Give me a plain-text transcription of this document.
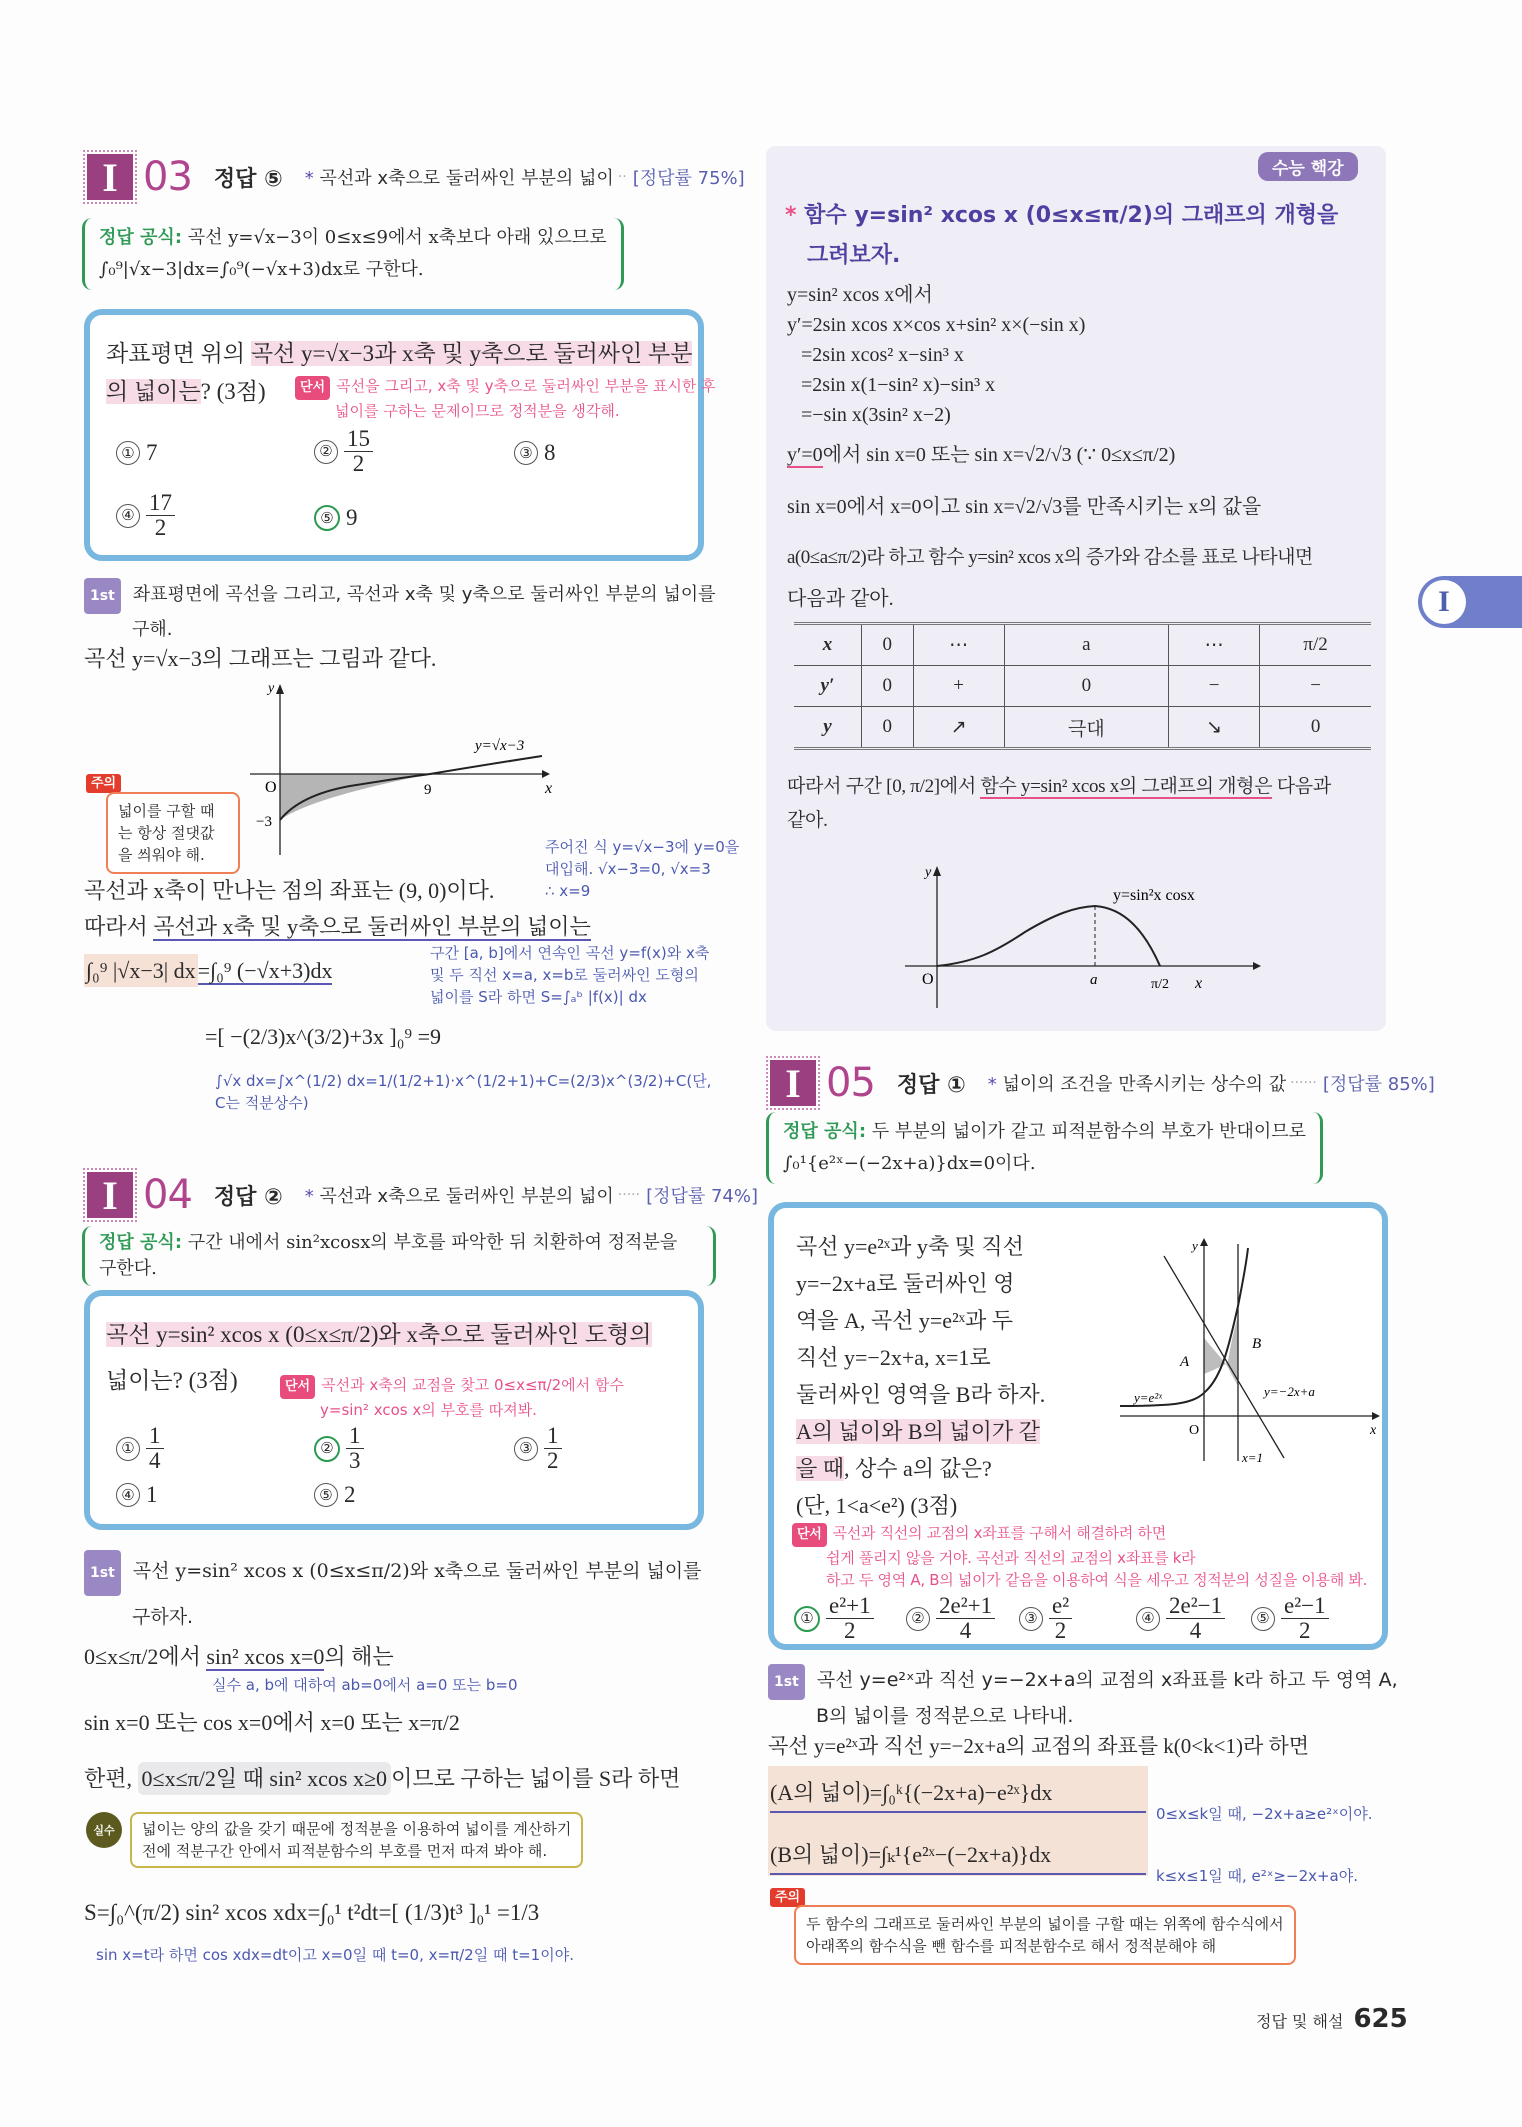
I 03 정답 ⑤ * 곡선과 x축으로 둘러싸인 부분의 넓이 ·· [정답률 75%]
정답 공식: 곡선 y=√x−3이 0≤x≤9에서 x축보다 아래 있으므로
∫₀⁹|√x−3|dx=∫₀⁹(−√x+3)dx로 구한다.
좌표평면 위의 곡선 y=√x−3과 x축 및 y축으로 둘러싸인 부분
의 넓이는? (3점)	단서 곡선을 그리고, x축 및 y축으로 둘러싸인 부분을 표시한 후
넓이를 구하는 문제이므로 정적분을 생각해.
① 7	② $\frac{15}{2}$	③ 8
④ $\frac{17}{2}$	⑤ 9
1st 좌표평면에 곡선을 그리고, 곡선과 x축 및 y축으로 둘러싸인 부분의 넓이를
구해.
곡선 y=√x−3의 그래프는 그림과 같다.
y
x
O	9
−3
y=√x−3
주의
넓이를 구할 때는 항상 절댓값을 씌워야 해.
곡선과 x축이 만나는 점의 좌표는 (9, 0)이다.
주어진 식 y=√x−3에 y=0을
대입해. √x−3=0, √x=3
∴ x=9
따라서 곡선과 x축 및 y축으로 둘러싸인 부분의 넓이는
∫₀⁹ |√x−3| dx=∫₀⁹ (−√x+3)dx
구간 [a, b]에서 연속인 곡선 y=f(x)와 x축
및 두 직선 x=a, x=b로 둘러싸인 도형의
넓이를 S라 하면 S=∫ₐᵇ |f(x)| dx
=[ −(2/3)x^(3/2)+3x ]₀⁹ =9
∫√x dx=∫x^(1/2) dx=1/(1/2+1)·x^(1/2+1)+C=(2/3)x^(3/2)+C(단, C는 적분상수)
I 04 정답 ② * 곡선과 x축으로 둘러싸인 부분의 넓이 ····· [정답률 74%]
정답 공식: 구간 내에서 sin²xcosx의 부호를 파악한 뒤 치환하여 정적분을 구한다.
곡선 y=sin² xcos x (0≤x≤π/2)와 x축으로 둘러싸인 도형의
넓이는? (3점)	단서 곡선과 x축의 교점을 찾고 0≤x≤π/2에서 함수
y=sin² xcos x의 부호를 따져봐.
① $\frac{1}{4}$	② $\frac{1}{3}$	③ $\frac{1}{2}$
④ 1	⑤ 2
1st 곡선 y=sin² xcos x (0≤x≤π/2)와 x축으로 둘러싸인 부분의 넓이를
구하자.
0≤x≤π/2에서 sin² xcos x=0의 해는
실수 a, b에 대하여 ab=0에서 a=0 또는 b=0
sin x=0 또는 cos x=0에서 x=0 또는 x=π/2
한편, 0≤x≤π/2일 때 sin² xcos x≥0 이므로 구하는 넓이를 S라 하면
실수	넓이는 양의 값을 갖기 때문에 정적분을 이용하여 넓이를 계산하기
전에 적분구간 안에서 피적분함수의 부호를 먼저 따져 봐야 해.
S=∫₀^(π/2) sin² xcos xdx=∫₀¹ t²dt=[ (1/3)t³ ]₀¹ =1/3
sin x=t라 하면 cos xdx=dt이고 x=0일 때 t=0, x=π/2일 때 t=1이야.
수능 핵강
* 함수 y=sin² xcos x (0≤x≤π/2)의 그래프의 개형을
그려보자.
y=sin² xcos x에서
y′=2sin xcos x×cos x+sin² x×(−sin x)
=2sin xcos² x−sin³ x
=2sin x(1−sin² x)−sin³ x
=−sin x(3sin² x−2)
y′=0에서 sin x=0 또는 sin x=√2/√3 (∵ 0≤x≤π/2)
sin x=0에서 x=0이고 sin x=√2/√3를 만족시키는 x의 값을
a(0≤a≤π/2)라 하고 함수 y=sin² xcos x의 증가와 감소를 표로 나타내면
다음과 같아.
x	0	⋯	a	⋯	π/2
y′	0	+	0	−	−
y	0	↗	극대	↘	0
따라서 구간 [0, π/2]에서 함수 y=sin² xcos x의 그래프의 개형은 다음과
같아.
y
O	a	π/2 x
y=sin²x cosx
I 05 정답 ① * 넓이의 조건을 만족시키는 상수의 값 ······ [정답률 85%]
정답 공식: 두 부분의 넓이가 같고 피적분함수의 부호가 반대이므로
∫₀¹{e²ˣ−(−2x+a)}dx=0이다.
곡선 y=e²ˣ과 y축 및 직선
y=−2x+a로 둘러싸인 영
역을 A, 곡선 y=e²ˣ과 두
직선 y=−2x+a, x=1로
둘러싸인 영역을 B라 하자.
A의 넓이와 B의 넓이가 같
을 때, 상수 a의 값은?
(단, 1<a<e²) (3점)
y
x
O
A
B
y=e²ˣ	y=−2x+a
x=1
단서 곡선과 직선의 교점의 x좌표를 구해서 해결하려 하면
쉽게 풀리지 않을 거야. 곡선과 직선의 교점의 x좌표를 k라
하고 두 영역 A, B의 넓이가 같음을 이용하여 식을 세우고 정적분의 성질을 이용해 봐.
① $\frac{\text{e²+1}}{2}$	② $\frac{\text{2e²+1}}{4}$	③ $\frac{\text{e²}}{2}$	④ $\frac{\text{2e²−1}}{4}$	⑤ $\frac{\text{e²−1}}{2}$
1st 곡선 y=e²ˣ과 직선 y=−2x+a의 교점의 x좌표를 k라 하고 두 영역 A,
B의 넓이를 정적분으로 나타내.
곡선 y=e²ˣ과 직선 y=−2x+a의 교점의 좌표를 k(0<k<1)라 하면
(A의 넓이)=∫₀ᵏ{(−2x+a)−e²ˣ}dx
0≤x≤k일 때, −2x+a≥e²ˣ이야.
(B의 넓이)=∫ₖ¹{e²ˣ−(−2x+a)}dx
k≤x≤1일 때, e²ˣ≥−2x+a야.
주의
두 함수의 그래프로 둘러싸인 부분의 넓이를 구할 때는 위쪽에 함수식에서
아래쪽의 함수식을 뺀 함수를 피적분함수로 해서 정적분해야 해
정답 및 해설 625
I
